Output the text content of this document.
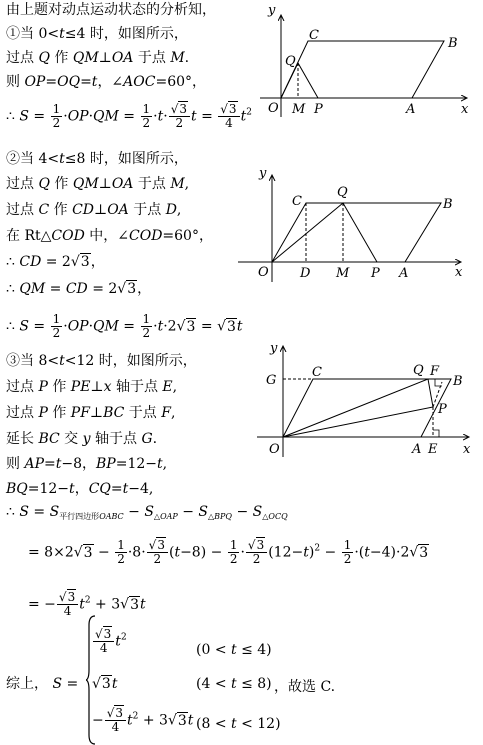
由上题对动点运动状态的分析知，
①当 0<t≤4 时，如图所示，
过点 Q 作 QM⊥OA 于点 M.
则 OP=OQ=t，∠AOC=60°，
∴ $S = \frac{1}{2} \cdot OP\cdot QM = \frac{1}{2} \cdot t\cdot \frac{√3}{2}$ $t = \frac{√3}{4} t^2$
y
x
O M P	A
Q
C
B
②当 4<t≤8 时，如图所示，
过点 Q 作 QM⊥OA 于点 M,
过点 C 作 CD⊥OA 于点 D,
在 Rt△COD 中，∠COD=60°，
∴ CD = 2√3，
∴ QM = CD = 2√3，
∴ $S = \frac{1}{2} \cdot OP\cdot QM = \frac{1}{2} \cdot t\cdot 2√3 = √3t$
y
x
O D M P A
C
Q
B
③当 8<t<12 时，如图所示，
过点 P 作 PE⊥x 轴于点 E,
过点 P 作 PF⊥BC 于点 F,
延长 BC 交 y 轴于点 G.
则 AP=t−8，BP=12−t,
BQ=12−t，CQ=t−4,
∴ $S = S_{平行四边形OABC} - S_{\triangle OAP} - S_{\triangle BPQ} - S_{\triangle OCQ}$
= $8\times 2√3 - \frac{1}{2} \cdot 8\cdot \frac{√3}{2} (t-8) - \frac{1}{2} \cdot \frac{√3}{2} (12-t)^2 - \frac{1}{2} \cdot(t-4)\cdot 2√3$
= − $\frac{√3}{4} t^2 + 3√3t$
y
x
O	A E
G
C	Q F
B
P
综上， S =
$\frac{√3}{4} t^2$
(0 < t ≤ 4)
√3t	(4 < t ≤ 8) ，故选 C.
− $\frac{√3}{4} t^2 + 3√3t$ (8 < t < 12)
